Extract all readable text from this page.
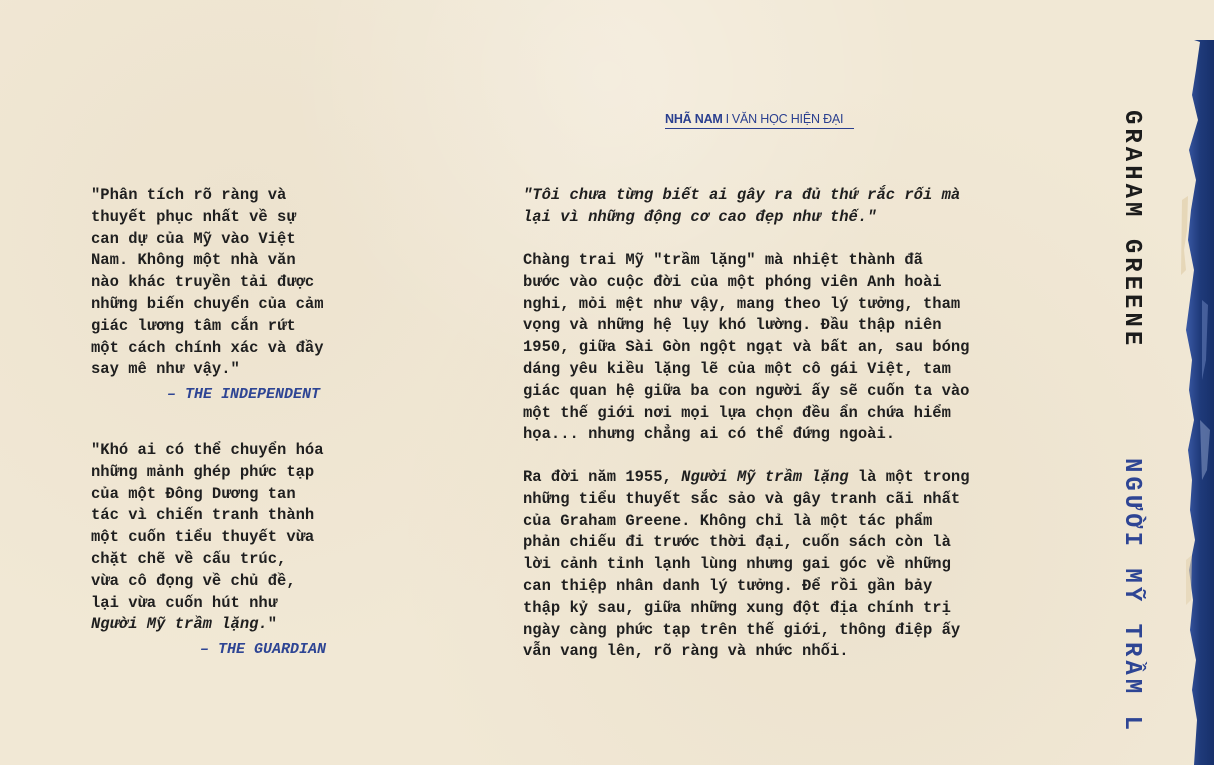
NHÃ NAM I VĂN HỌC HIỆN ĐẠI
"Phân tích rõ ràng và
thuyết phục nhất về sự
can dự của Mỹ vào Việt
Nam. Không một nhà văn
nào khác truyền tải được
những biến chuyển của cảm
giác lương tâm cắn rứt
một cách chính xác và đầy
say mê như vậy."
– THE INDEPENDENT
"Khó ai có thể chuyển hóa
những mảnh ghép phức tạp
của một Đông Dương tan
tác vì chiến tranh thành
một cuốn tiểu thuyết vừa
chặt chẽ về cấu trúc,
vừa cô đọng về chủ đề,
lại vừa cuốn hút như
Người Mỹ trầm lặng."
– THE GUARDIAN
"Tôi chưa từng biết ai gây ra đủ thứ rắc rối mà
lại vì những động cơ cao đẹp như thế."
Chàng trai Mỹ "trầm lặng" mà nhiệt thành đã
bước vào cuộc đời của một phóng viên Anh hoài
nghi, mỏi mệt như vậy, mang theo lý tưởng, tham
vọng và những hệ lụy khó lường. Đầu thập niên
1950, giữa Sài Gòn ngột ngạt và bất an, sau bóng
dáng yêu kiều lặng lẽ của một cô gái Việt, tam
giác quan hệ giữa ba con người ấy sẽ cuốn ta vào
một thế giới nơi mọi lựa chọn đều ẩn chứa hiểm
họa... nhưng chẳng ai có thể đứng ngoài.
Ra đời năm 1955, Người Mỹ trầm lặng là một trong
những tiểu thuyết sắc sảo và gây tranh cãi nhất
của Graham Greene. Không chỉ là một tác phẩm
phản chiếu đi trước thời đại, cuốn sách còn là
lời cảnh tỉnh lạnh lùng nhưng gai góc về những
can thiệp nhân danh lý tưởng. Để rồi gần bảy
thập kỷ sau, giữa những xung đột địa chính trị
ngày càng phức tạp trên thế giới, thông điệp ấy
vẫn vang lên, rõ ràng và nhức nhối.
GRAHAM GREENE
NGƯỜI MỸ TRẦM L
